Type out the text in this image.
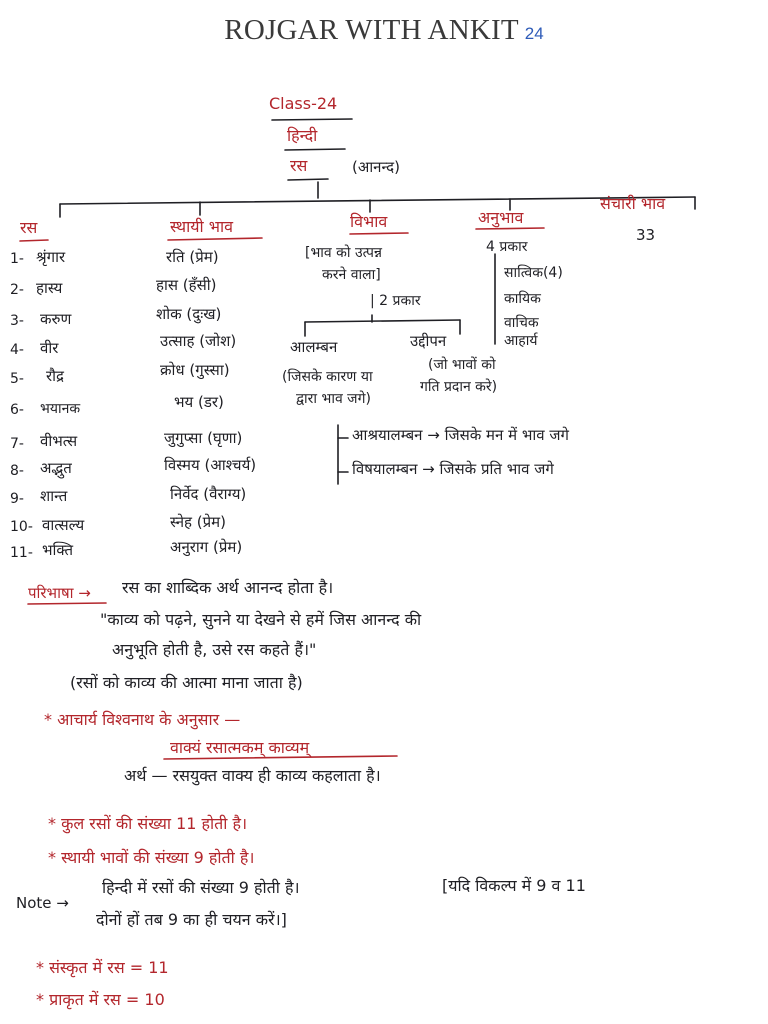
ROJGAR WITH ANKIT 24
Class-24
हिन्दी
रस	(आनन्द)
रस	स्थायी भाव	विभाव	अनुभाव
संचारी भाव
33
1- श्रृंगार	रति (प्रेम)
2- हास्य	हास (हँसी)
3- करुण	शोक (दुःख)
4- वीर	उत्साह (जोश)
5- रौद्र	क्रोध (गुस्सा)
6- भयानक	भय (डर)
7- वीभत्स	जुगुप्सा (घृणा)
8- अद्भुत	विस्मय (आश्चर्य)
9- शान्त	निर्वेद (वैराग्य)
10- वात्सल्य	स्नेह (प्रेम)
11- भक्ति	अनुराग (प्रेम)
[भाव को उत्पन्न
करने वाला]
| 2 प्रकार
आलम्बन	उद्दीपन
(जिसके कारण या
द्वारा भाव जगे)
(जो भावों को
गति प्रदान करे)
आश्रयालम्बन → जिसके मन में भाव जगे
विषयालम्बन → जिसके प्रति भाव जगे
4 प्रकार
सात्विक(4)
कायिक
वाचिक
आहार्य
परिभाषा → रस का शाब्दिक अर्थ आनन्द होता है।
"काव्य को पढ़ने, सुनने या देखने से हमें जिस आनन्द की
अनुभूति होती है, उसे रस कहते हैं।"
(रसों को काव्य की आत्मा माना जाता है)
* आचार्य विश्वनाथ के अनुसार —
वाक्यं रसात्मकम् काव्यम्
अर्थ — रसयुक्त वाक्य ही काव्य कहलाता है।
* कुल रसों की संख्या 11 होती है।
* स्थायी भावों की संख्या 9 होती है।
Note →
हिन्दी में रसों की संख्या 9 होती है।	[यदि विकल्प में 9 व 11
दोनों हों तब 9 का ही चयन करें।]
* संस्कृत में रस = 11
* प्राकृत में रस = 10
